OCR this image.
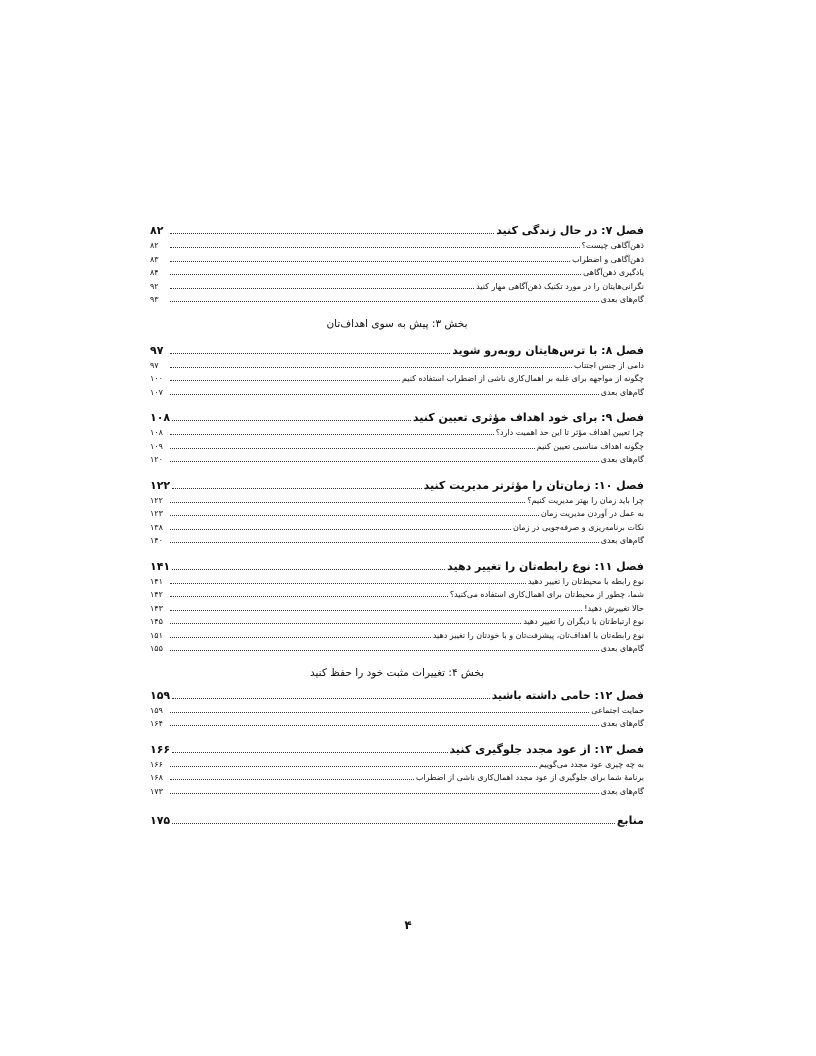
فصل ۷: در حال زندگی کنید
۸۲
ذهن‌آگاهی چیست؟
۸۲
ذهن‌آگاهی و اضطراب
۸۳
یادگیری ذهن‌آگاهی
۸۴
نگرانی‌هایتان را در مورد تکنیک ذهن‌آگاهی مهار کنید
۹۲
گام‌های بعدی
۹۳
بخش ۳: پیش به سوی اهداف‌تان
فصل ۸: با ترس‌هایتان روبه‌رو شوید
۹۷
دامی از جنس اجتناب
۹۷
چگونه از مواجهه برای غلبه بر اهمال‌کاری ناشی از اضطراب استفاده کنیم
۱۰۰
گام‌های بعدی
۱۰۷
فصل ۹: برای خود اهداف مؤثری تعیین کنید
۱۰۸
چرا تعیین اهداف مؤثر تا این حد اهمیت دارد؟
۱۰۸
چگونه اهداف مناسبی تعیین کنیم
۱۰۹
گام‌های بعدی
۱۲۰
فصل ۱۰: زمان‌تان را مؤثرتر مدیریت کنید
۱۲۲
چرا باید زمان را بهتر مدیریت کنیم؟
۱۲۲
به عمل در آوردن مدیریت زمان
۱۲۳
نکات برنامه‌ریزی و صرفه‌جویی در زمان
۱۳۸
گام‌های بعدی
۱۴۰
فصل ۱۱: نوع رابطه‌تان را تغییر دهید
۱۴۱
نوع رابطه با محیط‌تان را تغییر دهید
۱۴۱
شما، چطور از محیط‌تان برای اهمال‌کاری استفاده می‌کنید؟
۱۴۲
حالا تغییرش دهید!
۱۴۳
نوع ارتباط‌تان با دیگران را تغییر دهید
۱۴۵
نوع رابطه‌تان با اهداف‌تان، پیشرفت‌تان و با خودتان را تغییر دهید
۱۵۱
گام‌های بعدی
۱۵۵
بخش ۴: تغییرات مثبت خود را حفظ کنید
فصل ۱۲: حامی داشته باشید
۱۵۹
حمایت اجتماعی
۱۵۹
گام‌های بعدی
۱۶۴
فصل ۱۳: از عود مجدد جلوگیری کنید
۱۶۶
به چه چیزی عود مجدد می‌گوییم
۱۶۶
برنامهٔ شما برای جلوگیری از عود مجدد اهمال‌کاری ناشی از اضطراب
۱۶۸
گام‌های بعدی
۱۷۳
منابع
۱۷۵
۴
